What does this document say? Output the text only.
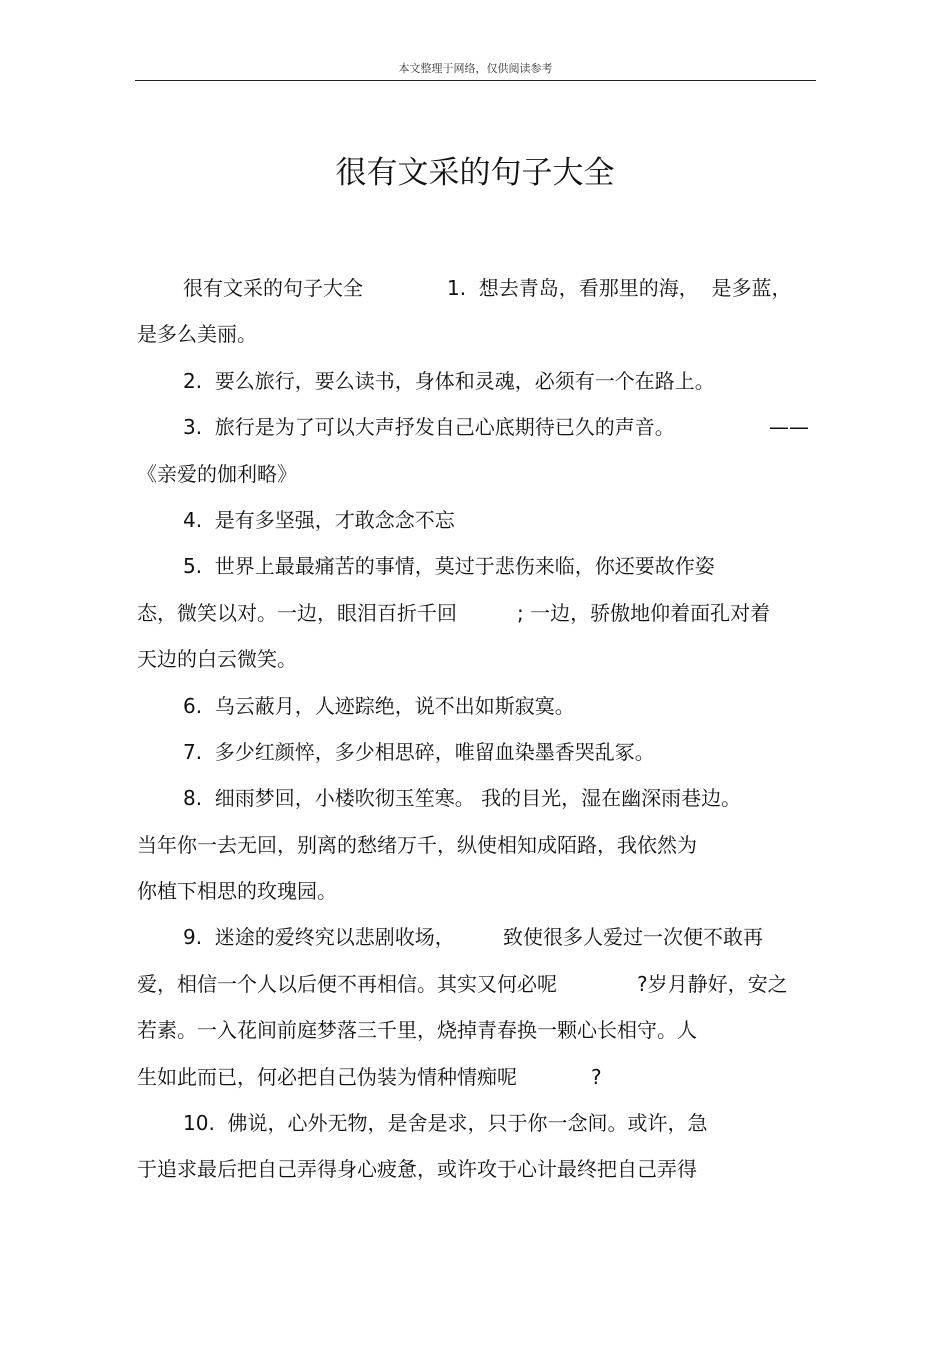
本文整理于网络，仅供阅读参考
很有文采的句子大全
很有文采的句子大全	1.  想去青岛，看那里的海，  是多蓝，
是多么美丽。
2.  要么旅行，要么读书，身体和灵魂，必须有一个在路上。
3.  旅行是为了可以大声抒发自己心底期待已久的声音。	——
《亲爱的伽利略》
4.  是有多坚强，才敢念念不忘
5.  世界上最最痛苦的事情，莫过于悲伤来临，你还要故作姿
态，微笑以对。一边，眼泪百折千回	; 一边，骄傲地仰着面孔对着
天边的白云微笑。
6.  乌云蔽月，人迹踪绝，说不出如斯寂寞。
7.  多少红颜悴，多少相思碎，唯留血染墨香哭乱冢。
8.  细雨梦回，小楼吹彻玉笙寒。 我的目光，湿在幽深雨巷边。
当年你一去无回，别离的愁绪万千，纵使相知成陌路，我依然为
你植下相思的玫瑰园。
9.  迷途的爱终究以悲剧收场， 致使很多人爱过一次便不敢再
爱，相信一个人以后便不再相信。其实又何必呢	?岁月静好，安之
若素。一入花间前庭梦落三千里，烧掉青春换一颗心长相守。人
生如此而已，何必把自己伪装为情种情痴呢	?
10.  佛说，心外无物，是舍是求，只于你一念间。或许，急
于追求最后把自己弄得身心疲惫，或许攻于心计最终把自己弄得
